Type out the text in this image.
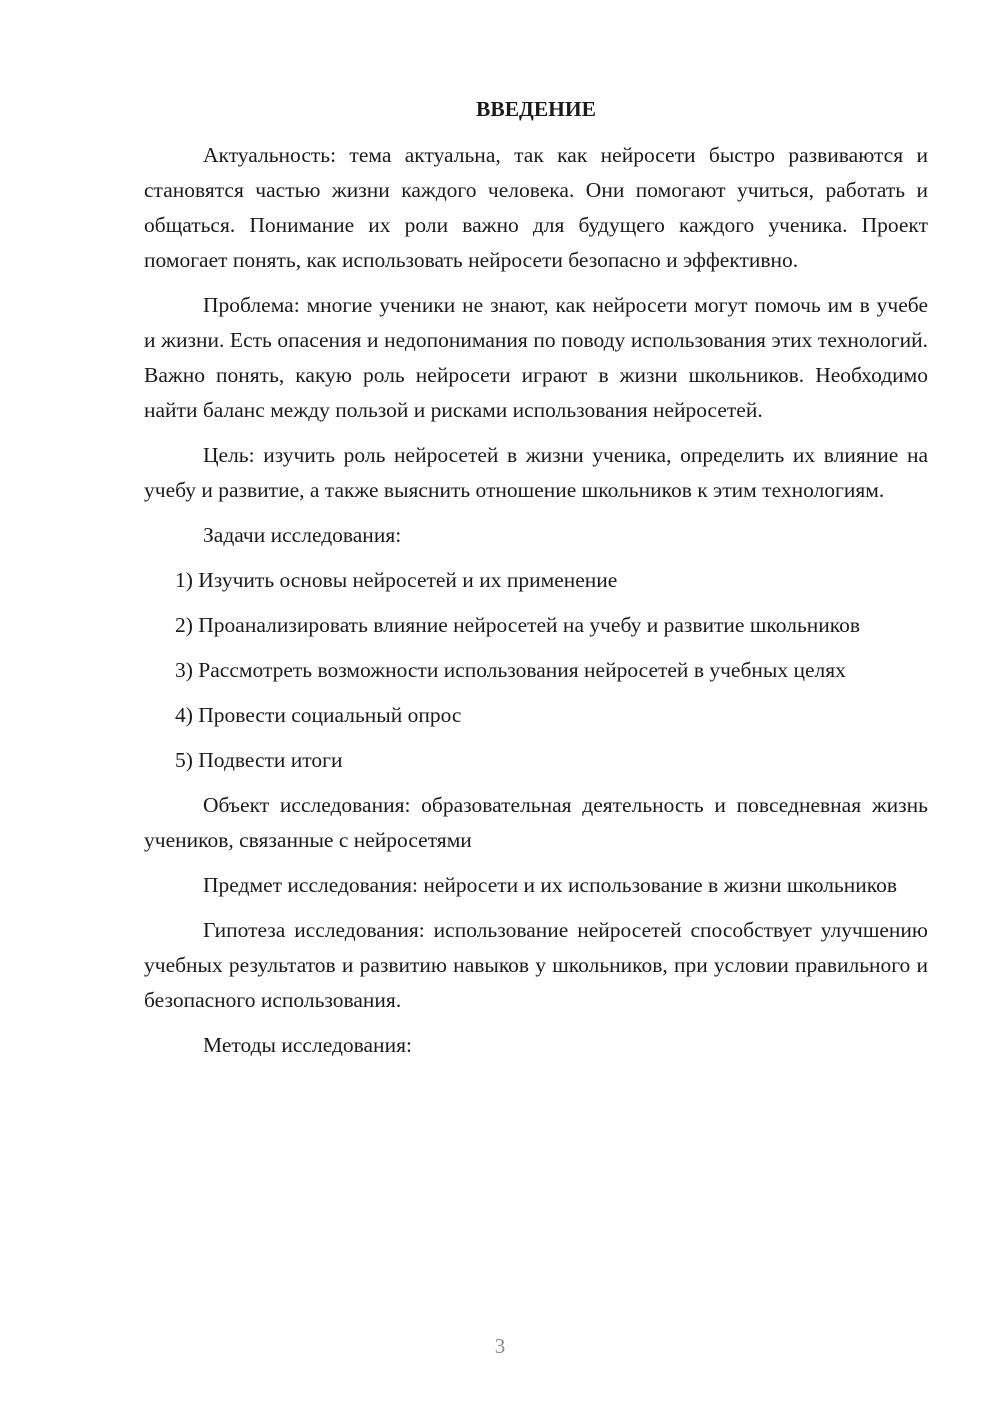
ВВЕДЕНИЕ

Актуальность: тема актуальна, так как нейросети быстро развиваются и становятся частью жизни каждого человека. Они помогают учиться, работать и общаться. Понимание их роли важно для будущего каждого ученика. Проект помогает понять, как использовать нейросети безопасно и эффективно.

Проблема: многие ученики не знают, как нейросети могут помочь им в учебе и жизни. Есть опасения и недопонимания по поводу использования этих технологий. Важно понять, какую роль нейросети играют в жизни школьников. Необходимо найти баланс между пользой и рисками использования нейросетей.

Цель: изучить роль нейросетей в жизни ученика, определить их влияние на учебу и развитие, а также выяснить отношение школьников к этим технологиям.

Задачи исследования:

1) Изучить основы нейросетей и их применение

2) Проанализировать влияние нейросетей на учебу и развитие школьников

3) Рассмотреть возможности использования нейросетей в учебных целях

4) Провести социальный опрос

5) Подвести итоги

Объект исследования: образовательная деятельность и повседневная жизнь учеников, связанные с нейросетями

Предмет исследования: нейросети и их использование в жизни школьников

Гипотеза исследования: использование нейросетей способствует улучшению учебных результатов и развитию навыков у школьников, при условии правильного и безопасного использования.

Методы исследования:

3
